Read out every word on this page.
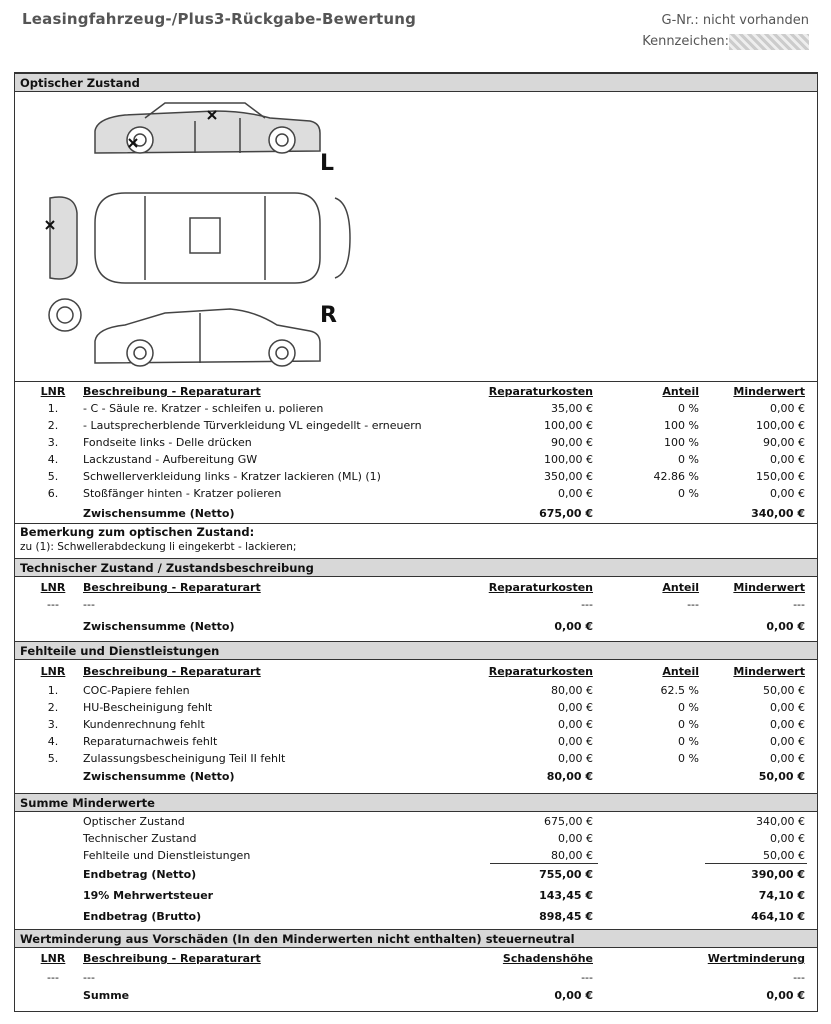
Leasingfahrzeug-/Plus3-Rückgabe-Bewertung	G-Nr.: nicht vorhanden
Kennzeichen:
Optischer Zustand
L
R
LNR	Beschreibung - Reparaturart	Reparaturkosten	Anteil	Minderwert
1.	- C - Säule re. Kratzer - schleifen u. polieren	35,00 €	0 %	0,00 €
2.	- Lautsprecherblende Türverkleidung VL eingedellt - erneuern	100,00 €	100 %	100,00 €
3.	Fondseite links - Delle drücken	90,00 €	100 %	90,00 €
4.	Lackzustand - Aufbereitung GW	100,00 €	0 %	0,00 €
5.	Schwellerverkleidung links - Kratzer lackieren (ML) (1)	350,00 €	42.86 %	150,00 €
6.	Stoßfänger hinten - Kratzer polieren	0,00 €	0 %	0,00 €
Zwischensumme (Netto)	675,00 €	340,00 €
Bemerkung zum optischen Zustand:
zu (1): Schwellerabdeckung li eingekerbt - lackieren;
Technischer Zustand / Zustandsbeschreibung
LNR	Beschreibung - Reparaturart	Reparaturkosten	Anteil	Minderwert
---	---	---	---	---
Zwischensumme (Netto)	0,00 €	0,00 €
Fehlteile und Dienstleistungen
LNR	Beschreibung - Reparaturart	Reparaturkosten	Anteil	Minderwert
1.	COC-Papiere fehlen	80,00 €	62.5 %	50,00 €
2.	HU-Bescheinigung fehlt	0,00 €	0 %	0,00 €
3.	Kundenrechnung fehlt	0,00 €	0 %	0,00 €
4.	Reparaturnachweis fehlt	0,00 €	0 %	0,00 €
5.	Zulassungsbescheinigung Teil II fehlt	0,00 €	0 %	0,00 €
Zwischensumme (Netto)	80,00 €	50,00 €
Summe Minderwerte
Optischer Zustand	675,00 €	340,00 €
Technischer Zustand	0,00 €	0,00 €
Fehlteile und Dienstleistungen	80,00 €	50,00 €
Endbetrag (Netto)	755,00 €	390,00 €
19% Mehrwertsteuer	143,45 €	74,10 €
Endbetrag (Brutto)	898,45 €	464,10 €
Wertminderung aus Vorschäden (In den Minderwerten nicht enthalten) steuerneutral
LNR	Beschreibung - Reparaturart	Schadenshöhe	Wertminderung
---	---	---	---
Summe	0,00 €	0,00 €
